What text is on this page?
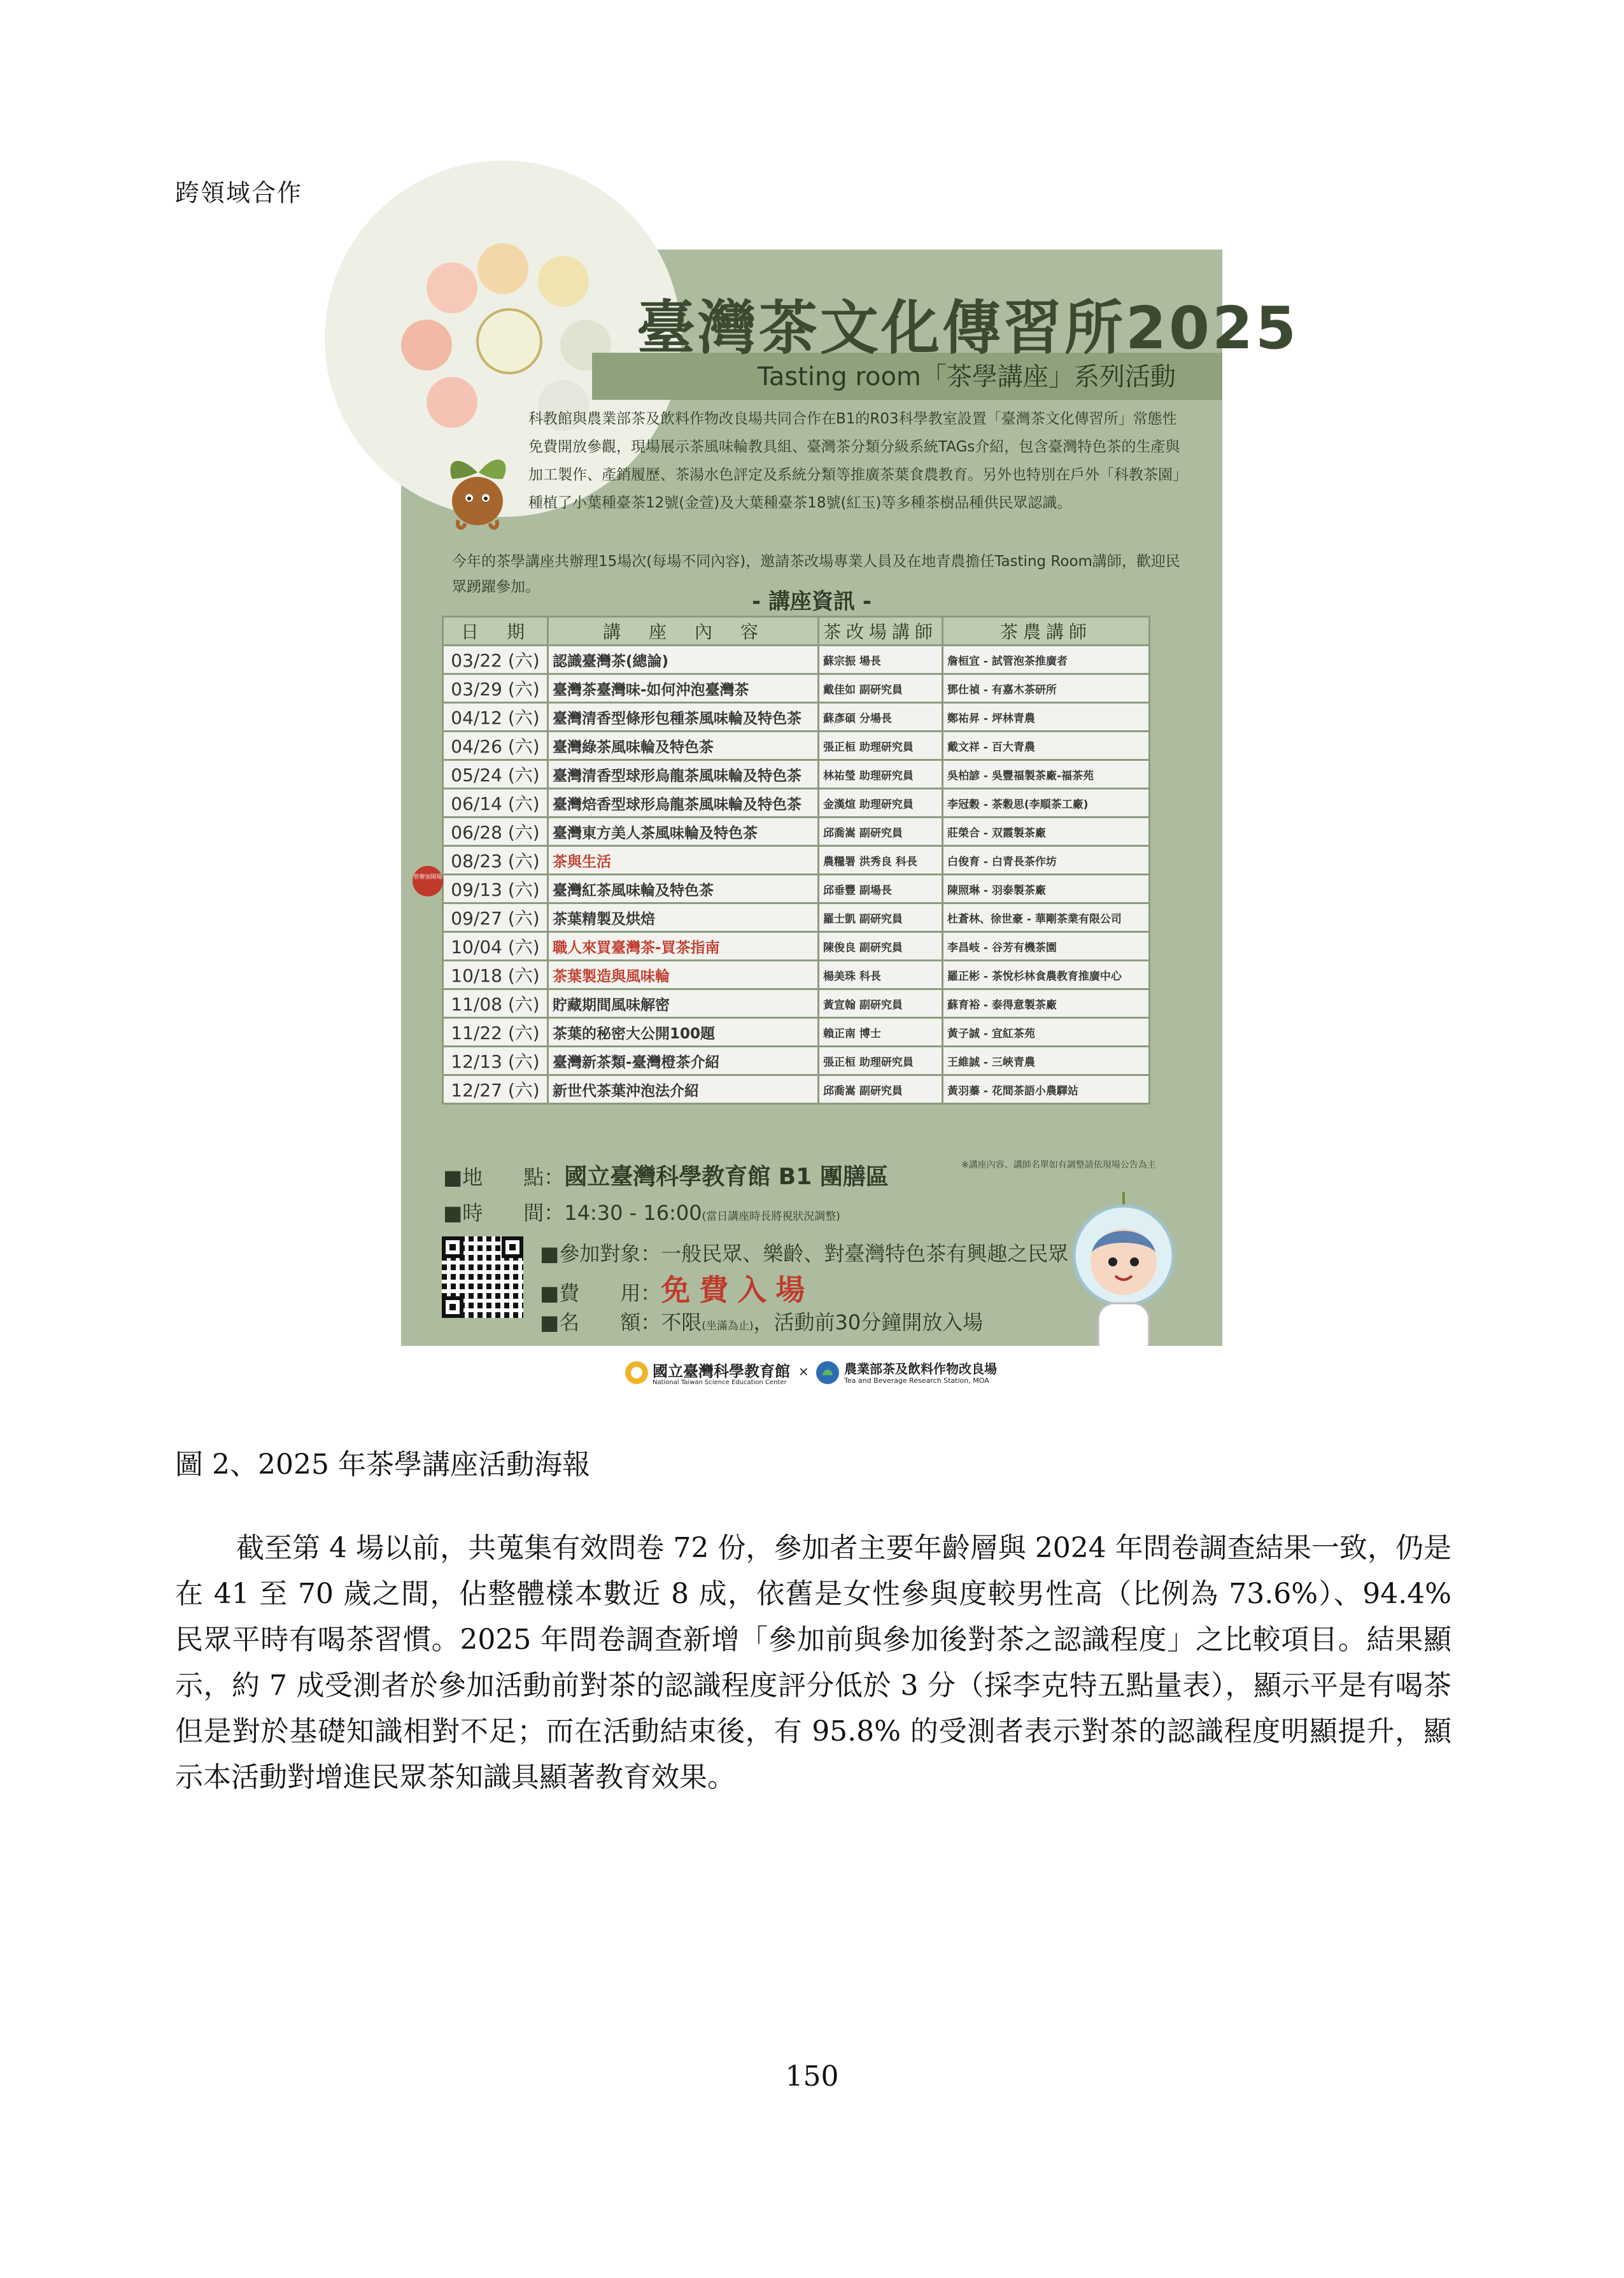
跨領域合作
臺灣茶文化傳習所2025
Tasting room「茶學講座」系列活動
科教館與農業部茶及飲料作物改良場共同合作在B1的R03科學教室設置「臺灣茶文化傳習所」常態性免費開放參觀，現場展示茶風味輪教具組、臺灣茶分類分級系統TAGs介紹，包含臺灣特色茶的生產與加工製作、產銷履歷、茶湯水色評定及系統分類等推廣茶葉食農教育。另外也特別在戶外「科教茶園」種植了小葉種臺茶12號(金萱)及大葉種臺茶18號(紅玉)等多種茶樹品種供民眾認識。
今年的茶學講座共辦理15場次(每場不同內容)，邀請茶改場專業人員及在地青農擔任Tasting Room講師，歡迎民眾踴躍參加。
- 講座資訊 -
日　期	講　座　內　容	茶改場講師	茶農講師
03/22 (六)	認識臺灣茶(總論)	蘇宗振 場長	詹桓宜 - 試管泡茶推廣者
03/29 (六)	臺灣茶臺灣味-如何沖泡臺灣茶	戴佳如 副研究員	鄧仕禎 - 有嘉木茶研所
04/12 (六)	臺灣清香型條形包種茶風味輪及特色茶	蘇彥碩 分場長	鄭祐昇 - 坪林青農
04/26 (六)	臺灣綠茶風味輪及特色茶	張正桓 助理研究員	戴文祥 - 百大青農
05/24 (六)	臺灣清香型球形烏龍茶風味輪及特色茶	林祐瑩 助理研究員	吳柏諺 - 吳豐福製茶廠-福茶苑
06/14 (六)	臺灣焙香型球形烏龍茶風味輪及特色茶	金漢煊 助理研究員	李冠穀 - 茶穀思(李順茶工廠)
06/28 (六)	臺灣東方美人茶風味輪及特色茶	邱喬嵩 副研究員	莊榮合 - 双霞製茶廠
08/23 (六)	茶與生活	農糧署 洪秀良 科長	白俊育 - 白青長茶作坊
09/13 (六)	臺灣紅茶風味輪及特色茶	邱垂豐 副場長	陳照琳 - 羽泰製茶廠
09/27 (六)	茶葉精製及烘焙	羅士凱 副研究員	杜蒼林、徐世豪 - 華剛茶業有限公司
10/04 (六)	職人來買臺灣茶-買茶指南	陳俊良 副研究員	李昌岐 - 谷芳有機茶園
10/18 (六)	茶葉製造與風味輪	楊美珠 科長	羅正彬 - 茶悅杉林食農教育推廣中心
11/08 (六)	貯藏期間風味解密	黃宣翰 副研究員	蘇育裕 - 泰得意製茶廠
11/22 (六)	茶葉的秘密大公開100題	賴正南 博士	黃子誠 - 宜紅茶苑
12/13 (六)	臺灣新茶類-臺灣橙茶介紹	張正桓 助理研究員	王維誠 - 三峽青農
12/27 (六)	新世代茶葉沖泡法介紹	邱喬嵩 副研究員	黃羽蓁 - 花間茶語小農驛站
曾辦加開場
※講座內容、講師名單如有調整請依現場公告為主
■地　　點：國立臺灣科學教育館 B1 團膳區
■時　　間：14:30 - 16:00(當日講座時長將視狀況調整)
■參加對象：一般民眾、樂齡、對臺灣特色茶有興趣之民眾
■費　　用：免費入場
■名　　額：不限(坐滿為止)，活動前30分鐘開放入場
國立臺灣科學教育館
National Taiwan Science Education Center
×	農業部茶及飲料作物改良場
Tea and Beverage Research Station, MOA
圖 2、2025 年茶學講座活動海報
截至第 4 場以前，共蒐集有效問卷 72 份，參加者主要年齡層與 2024 年問卷調查結果一致，仍是在 41 至 70 歲之間，佔整體樣本數近 8 成，依舊是女性參與度較男性高（比例為 73.6%）、94.4% 民眾平時有喝茶習慣。2025 年問卷調查新增「參加前與參加後對茶之認識程度」之比較項目。結果顯示，約 7 成受測者於參加活動前對茶的認識程度評分低於 3 分（採李克特五點量表），顯示平是有喝茶但是對於基礎知識相對不足；而在活動結束後，有 95.8% 的受測者表示對茶的認識程度明顯提升，顯示本活動對增進民眾茶知識具顯著教育效果。
150
